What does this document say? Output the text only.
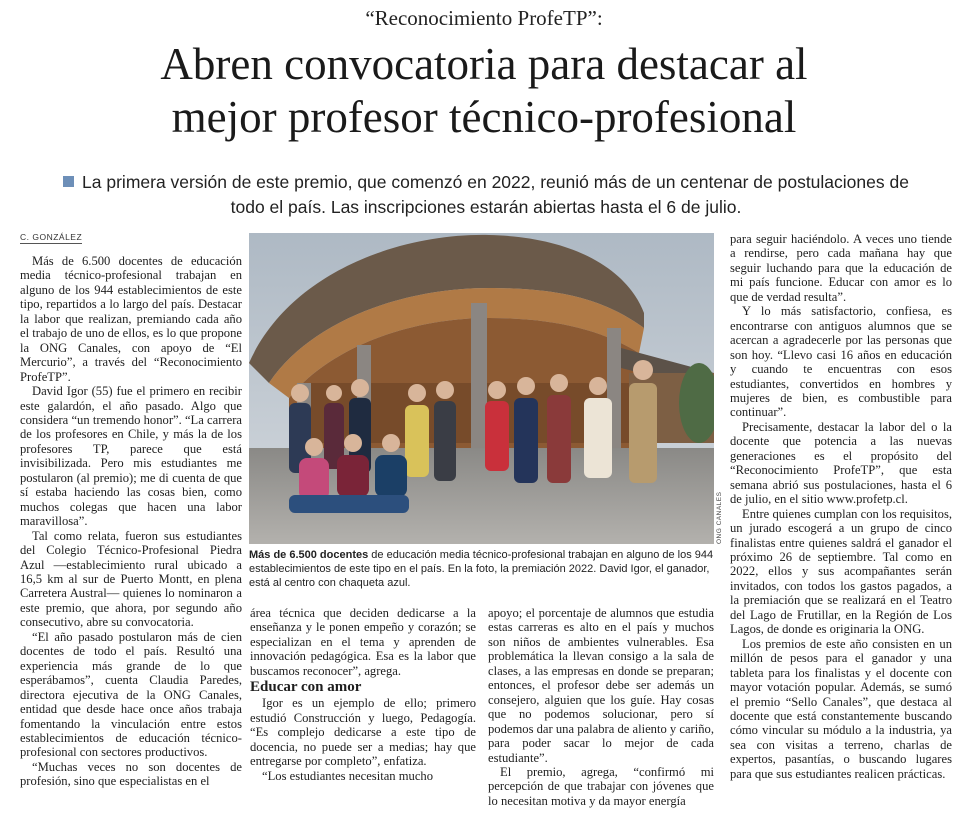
“Reconocimiento ProfeTP”:
Abren convocatoria para destacar al
mejor profesor técnico-profesional
La primera versión de este premio, que comenzó en 2022, reunió más de un centenar de postulaciones de todo el país. Las inscripciones estarán abiertas hasta el 6 de julio.
C. GONZÁLEZ

Más de 6.500 docentes de educación media técnico-profesional trabajan en alguno de los 944 establecimientos de este tipo, repartidos a lo largo del país. Destacar la labor que realizan, premiando cada año el trabajo de uno de ellos, es lo que propone la ONG Canales, con apoyo de “El Mercurio”, a través del “Reconocimiento ProfeTP”.

David Igor (55) fue el primero en recibir este galardón, el año pasado. Algo que considera “un tremendo honor”. “La carrera de los profesores en Chile, y más la de los profesores TP, parece que está invisibilizada. Pero mis estudiantes me postularon (al premio); me di cuenta de que sí estaba haciendo las cosas bien, como muchos colegas que hacen una labor maravillosa”.

Tal como relata, fueron sus estudiantes del Colegio Técnico-Profesional Piedra Azul —establecimiento rural ubicado a 16,5 km al sur de Puerto Montt, en plena Carretera Austral— quienes lo nominaron a este premio, que ahora, por segundo año consecutivo, abre su convocatoria.

“El año pasado postularon más de cien docentes de todo el país. Resultó una experiencia más grande de lo que esperábamos”, cuenta Claudia Paredes, directora ejecutiva de la ONG Canales, entidad que desde hace once años trabaja fomentando la vinculación entre estos establecimientos de educación técnico-profesional con sectores productivos.

“Muchas veces no son docentes de profesión, sino que especialistas en el

ONG CANALES
Más de 6.500 docentes de educación media técnico-profesional trabajan en alguno de los 944 establecimientos de este tipo en el país. En la foto, la premiación 2022. David Igor, el ganador, está al centro con chaqueta azul.

área técnica que deciden dedicarse a la enseñanza y le ponen empeño y corazón; se especializan en el tema y aprenden de innovación pedagógica. Esa es la labor que buscamos reconocer”, agrega.

Educar con amor

Igor es un ejemplo de ello; primero estudió Construcción y luego, Pedagogía. “Es complejo dedicarse a este tipo de docencia, no puede ser a medias; hay que entregarse por completo”, enfatiza.

“Los estudiantes necesitan mucho

apoyo; el porcentaje de alumnos que estudia estas carreras es alto en el país y muchos son niños de ambientes vulnerables. Esa problemática la llevan consigo a la sala de clases, a las empresas en donde se preparan; entonces, el profesor debe ser además un consejero, alguien que los guíe. Hay cosas que no podemos solucionar, pero sí podemos dar una palabra de aliento y cariño, para poder sacar lo mejor de cada estudiante”.

El premio, agrega, “confirmó mi percepción de que trabajar con jóvenes que lo necesitan motiva y da mayor energía

para seguir haciéndolo. A veces uno tiende a rendirse, pero cada mañana hay que seguir luchando para que la educación de mi país funcione. Educar con amor es lo que de verdad resulta”.

Y lo más satisfactorio, confiesa, es encontrarse con antiguos alumnos que se acercan a agradecerle por las personas que son hoy. “Llevo casi 16 años en educación y cuando te encuentras con esos estudiantes, convertidos en hombres y mujeres de bien, es combustible para continuar”.

Precisamente, destacar la labor del o la docente que potencia a las nuevas generaciones es el propósito del “Reconocimiento ProfeTP”, que esta semana abrió sus postulaciones, hasta el 6 de julio, en el sitio www.profetp.cl.

Entre quienes cumplan con los requisitos, un jurado escogerá a un grupo de cinco finalistas entre quienes saldrá el ganador el próximo 26 de septiembre. Tal como en 2022, ellos y sus acompañantes serán invitados, con todos los gastos pagados, a la premiación que se realizará en el Teatro del Lago de Frutillar, en la Región de Los Lagos, de donde es originaria la ONG.

Los premios de este año consisten en un millón de pesos para el ganador y una tableta para los finalistas y el docente con mayor votación popular. Además, se sumó el premio “Sello Canales”, que destaca al docente que está constantemente buscando cómo vincular su módulo a la industria, ya sea con visitas a terreno, charlas de expertos, pasantías, o buscando lugares para que sus estudiantes realicen prácticas.
